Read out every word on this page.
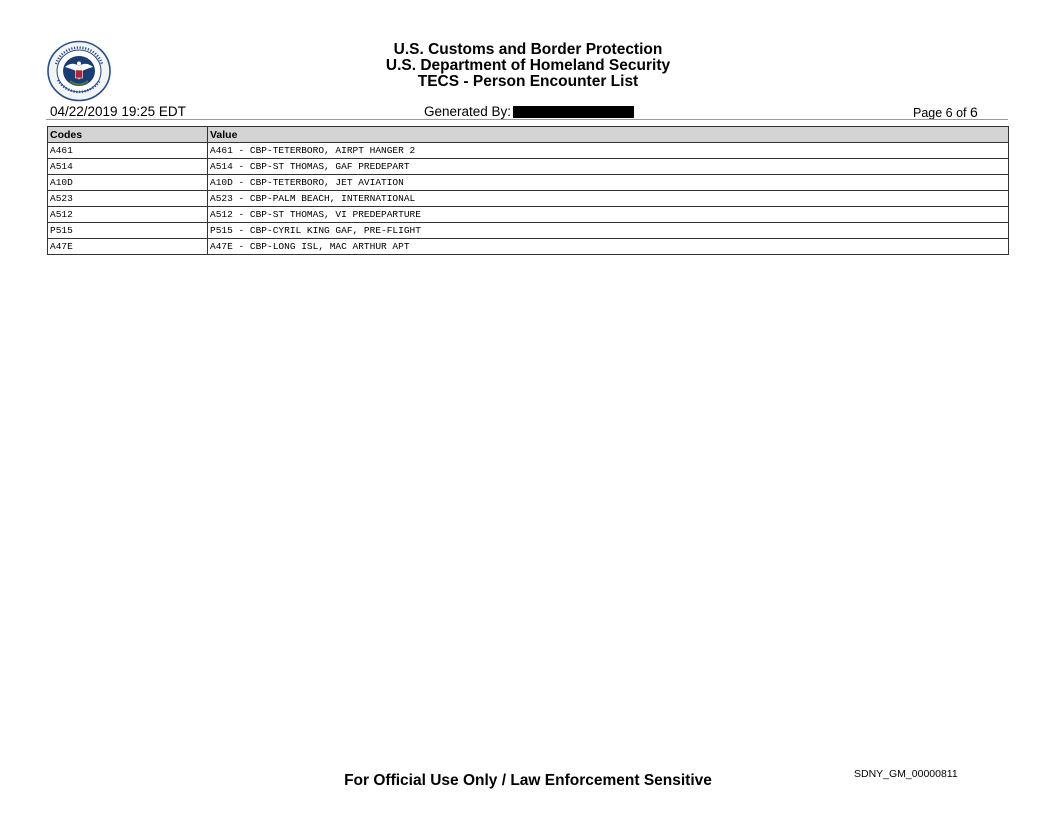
U.S. Customs and Border Protection
U.S. Department of Homeland Security
TECS - Person Encounter List
04/22/2019 19:25 EDT	Generated By:	Page 6 of 6
Codes	Value
A461	A461 - CBP-TETERBORO, AIRPT HANGER 2
A514	A514 - CBP-ST THOMAS, GAF PREDEPART
A10D	A10D - CBP-TETERBORO, JET AVIATION
A523	A523 - CBP-PALM BEACH, INTERNATIONAL
A512	A512 - CBP-ST THOMAS, VI PREDEPARTURE
P515	P515 - CBP-CYRIL KING GAF, PRE-FLIGHT
A47E	A47E - CBP-LONG ISL, MAC ARTHUR APT
For Official Use Only / Law Enforcement Sensitive	SDNY_GM_00000811
